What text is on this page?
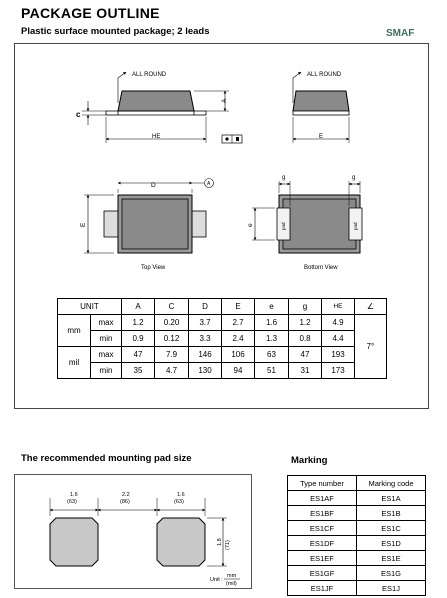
PACKAGE OUTLINE
Plastic surface mounted package; 2 leads	SMAF
ALL ROUND
A
c
HE
ALL ROUND
E
D	A
E
Top View
g	g
e	pad	pad
Bottom View
UNIT		A	C	D	E	e	g	HE	∠
mm	max	1.2	0.20	3.7	2.7	1.6	1.2	4.9	7°
	min	0.9	0.12	3.3	2.4	1.3	0.8	4.4	
mil	max	47	7.9	146	106	63	47	193	
	min	35	4.7	130	94	51	31	173	
The recommended mounting pad size	Marking
1.6
(63)
2.2
(86)
1.6
(63)
1.8 (71)
Unit :
mm
(mil)
Type number	Marking code
ES1AF	ES1A
ES1BF	ES1B
ES1CF	ES1C
ES1DF	ES1D
ES1EF	ES1E
ES1GF	ES1G
ES1JF	ES1J
